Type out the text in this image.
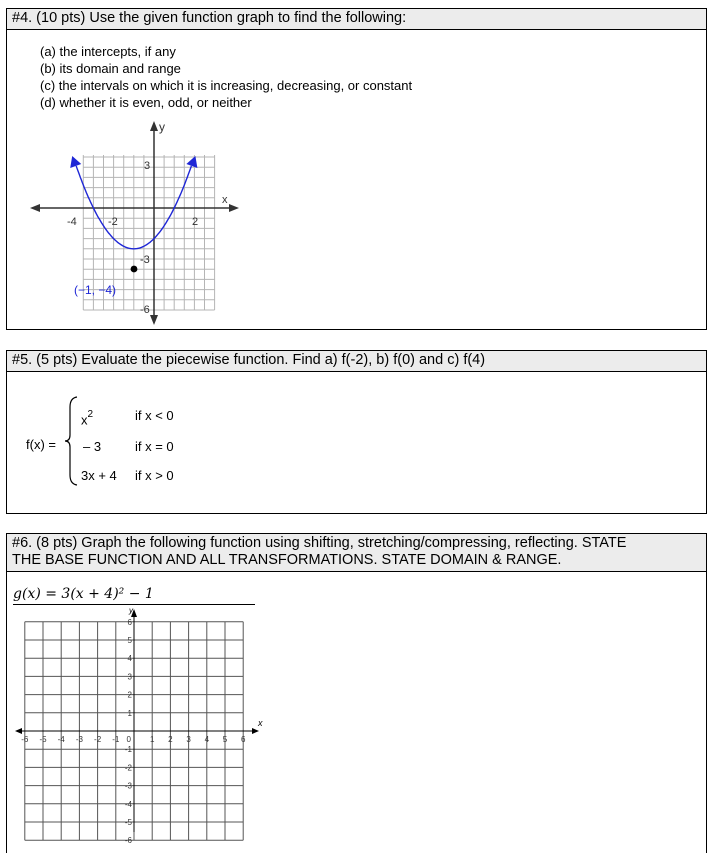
#4. (10 pts) Use the given function graph to find the following:
(a) the intercepts, if any
(b) its domain and range
(c) the intervals on which it is increasing, decreasing, or constant
(d) whether it is even, odd, or neither
x
y
-4	-2	2
3
-3
-6
(−1, −4)
#5. (5 pts) Evaluate the piecewise function. Find a) f(-2), b) f(0) and c) f(4)
f(x) =
$x^2$	if x < 0
– 3	if x = 0
3x + 4 if x > 0
#6. (8 pts) Graph the following function using shifting, stretching/compressing, reflecting. STATE
THE BASE FUNCTION AND ALL TRANSFORMATIONS. STATE DOMAIN & RANGE.
g(x) = 3(x + 4)² − 1
x
y
-6 -5 -4 -3 -2 -1 0 1 2 3 4 5 6
6
5
4
3
2
1
-1
-2
-3
-4
-5
-6
